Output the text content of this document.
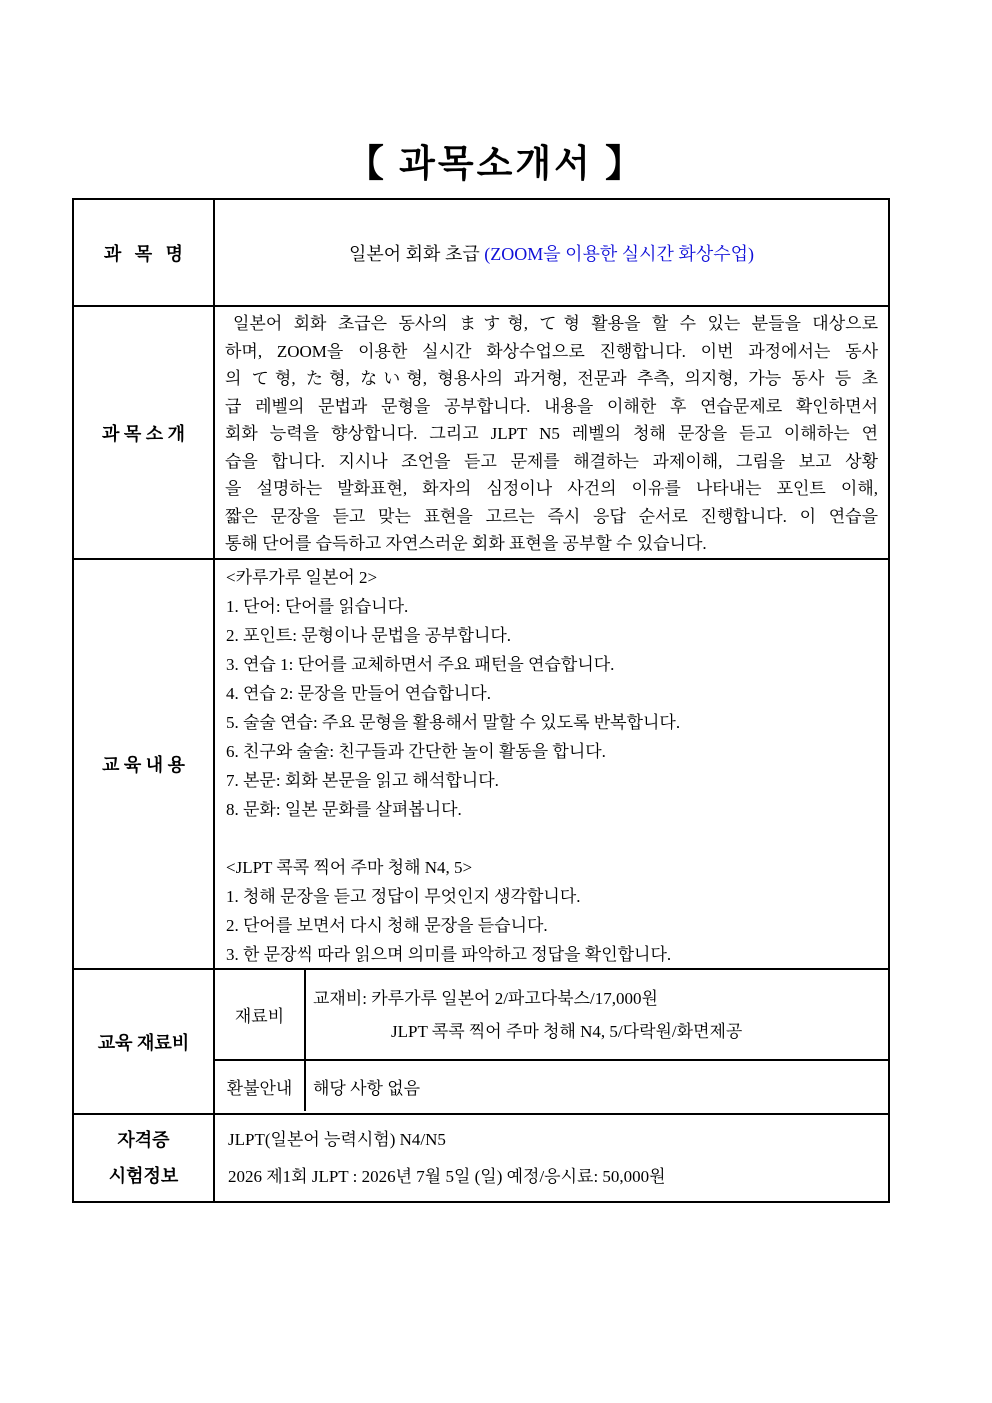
【 과목소개서 】
과   목   명	일본어 회화 초급 (ZOOM을 이용한 실시간 화상수업)
과 목 소 개
일본어 회화 초급은 동사의 ます형, て형 활용을 할 수 있는 분들을 대상으로
하며, ZOOM을 이용한 실시간 화상수업으로 진행합니다. 이번 과정에서는 동사
의 て형, た형, ない형, 형용사의 과거형, 전문과 추측, 의지형, 가능 동사 등 초
급 레벨의 문법과 문형을 공부합니다. 내용을 이해한 후 연습문제로 확인하면서
회화 능력을 향상합니다. 그리고 JLPT N5 레벨의 청해 문장을 듣고 이해하는 연
습을 합니다. 지시나 조언을 듣고 문제를 해결하는 과제이해, 그림을 보고 상황
을 설명하는 발화표현, 화자의 심정이나 사건의 이유를 나타내는 포인트 이해,
짧은 문장을 듣고 맞는 표현을 고르는 즉시 응답 순서로 진행합니다. 이 연습을
통해 단어를 습득하고 자연스러운 회화 표현을 공부할 수 있습니다.
교 육 내 용
<카루가루 일본어 2>
1. 단어: 단어를 읽습니다.
2. 포인트: 문형이나 문법을 공부합니다.
3. 연습 1: 단어를 교체하면서 주요 패턴을 연습합니다.
4. 연습 2: 문장을 만들어 연습합니다.
5. 술술 연습: 주요 문형을 활용해서 말할 수 있도록 반복합니다.
6. 친구와 술술: 친구들과 간단한 놀이 활동을 합니다.
7. 본문: 회화 본문을 읽고 해석합니다.
8. 문화: 일본 문화를 살펴봅니다.

<JLPT 콕콕 찍어 주마 청해 N4, 5>
1. 청해 문장을 듣고 정답이 무엇인지 생각합니다.
2. 단어를 보면서 다시 청해 문장을 듣습니다.
3. 한 문장씩 따라 읽으며 의미를 파악하고 정답을 확인합니다.
교육 재료비
재료비
교재비: 카루가루 일본어 2/파고다북스/17,000원
JLPT 콕콕 찍어 주마 청해 N4, 5/다락원/화면제공
환불안내	해당 사항 없음
자격증
시험정보
JLPT(일본어 능력시험) N4/N5
2026 제1회 JLPT : 2026년 7월 5일 (일) 예정/응시료: 50,000원
